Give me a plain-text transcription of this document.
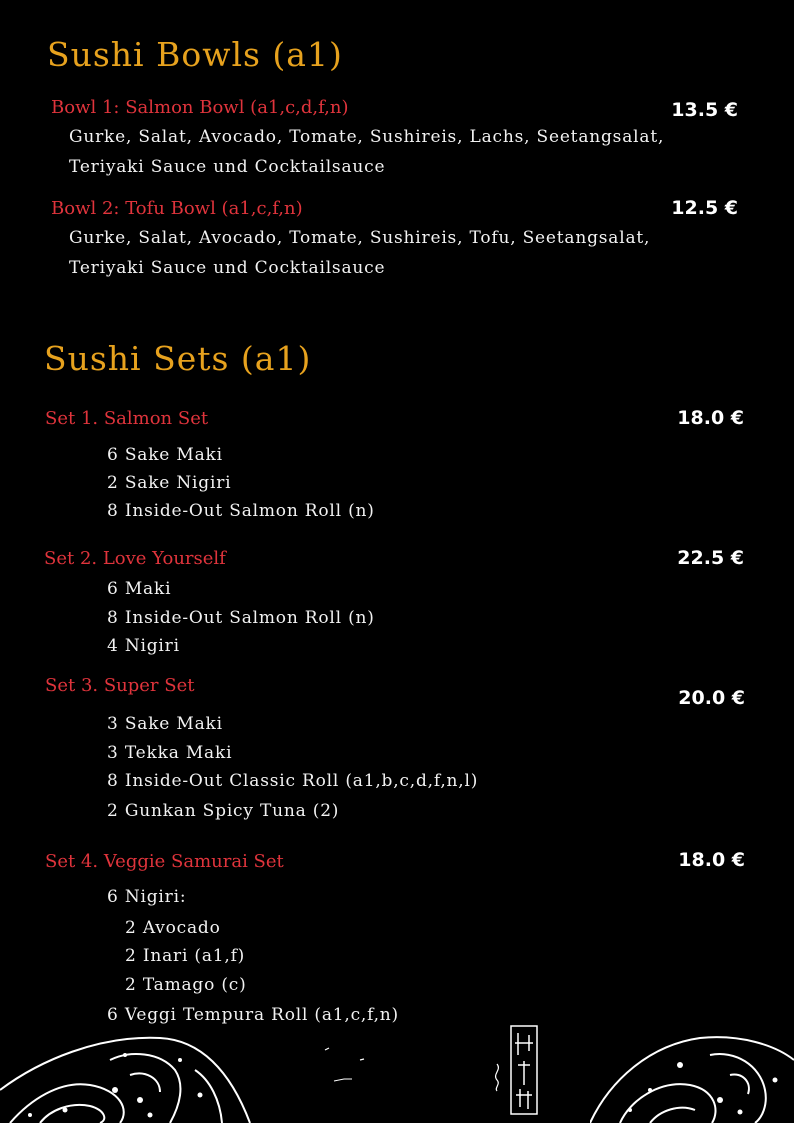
Sushi Bowls (a1)
Bowl 1: Salmon Bowl (a1,c,d,f,n)	13.5 €
Gurke, Salat, Avocado, Tomate, Sushireis, Lachs, Seetangsalat,
Teriyaki Sauce und Cocktailsauce
Bowl 2: Tofu Bowl (a1,c,f,n)	12.5 €
Gurke, Salat, Avocado, Tomate, Sushireis, Tofu, Seetangsalat,
Teriyaki Sauce und Cocktailsauce
Sushi Sets (a1)
Set 1. Salmon Set	18.0 €
6 Sake Maki
2 Sake Nigiri
8 Inside-Out Salmon Roll (n)
Set 2. Love Yourself	22.5 €
6 Maki
8 Inside-Out Salmon Roll (n)
4 Nigiri
Set 3. Super Set
20.0 €
3 Sake Maki
3 Tekka Maki
8 Inside-Out Classic Roll (a1,b,c,d,f,n,l)
2 Gunkan Spicy Tuna (2)
Set 4. Veggie Samurai Set	18.0 €
6 Nigiri:
2 Avocado
2 Inari (a1,f)
2 Tamago (c)
6 Veggi Tempura Roll (a1,c,f,n)
